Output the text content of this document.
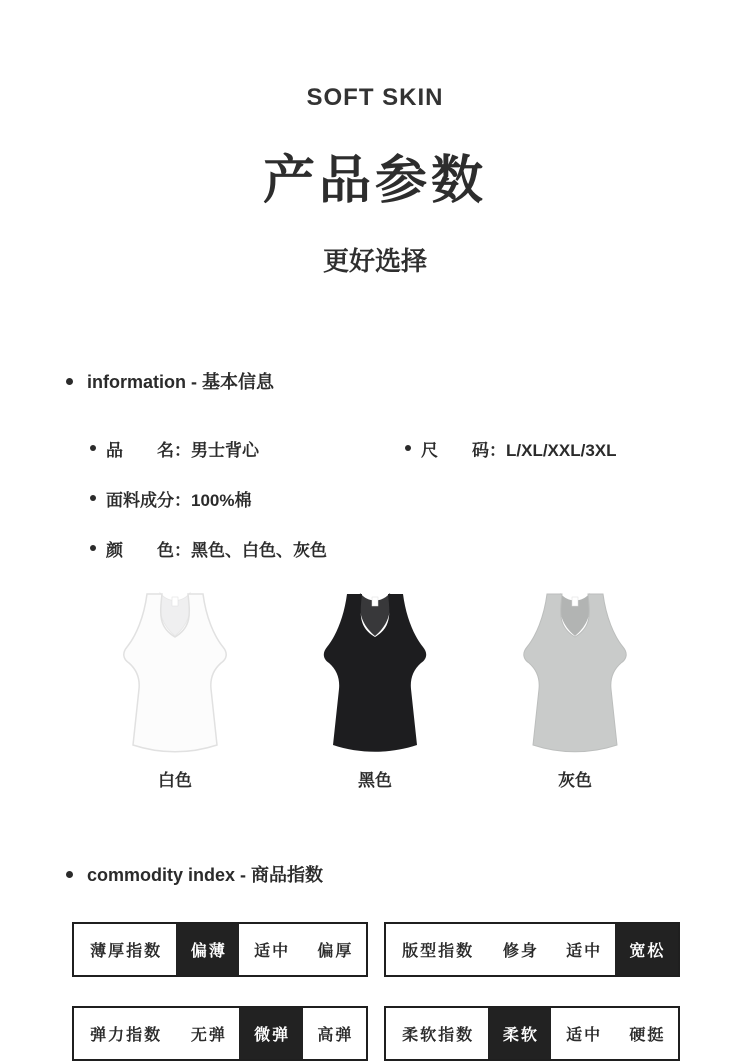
SOFT SKIN
产品参数
更好选择
information - 基本信息
品　　名：男士背心	尺　　码：L/XL/XXL/3XL
面料成分：100%棉
颜　　色：黑色、白色、灰色
白色	黑色	灰色
commodity index - 商品指数
薄厚指数	偏薄	适中	偏厚	版型指数	修身	适中	宽松
弹力指数	无弹	微弹	高弹	柔软指数	柔软	适中	硬挺
